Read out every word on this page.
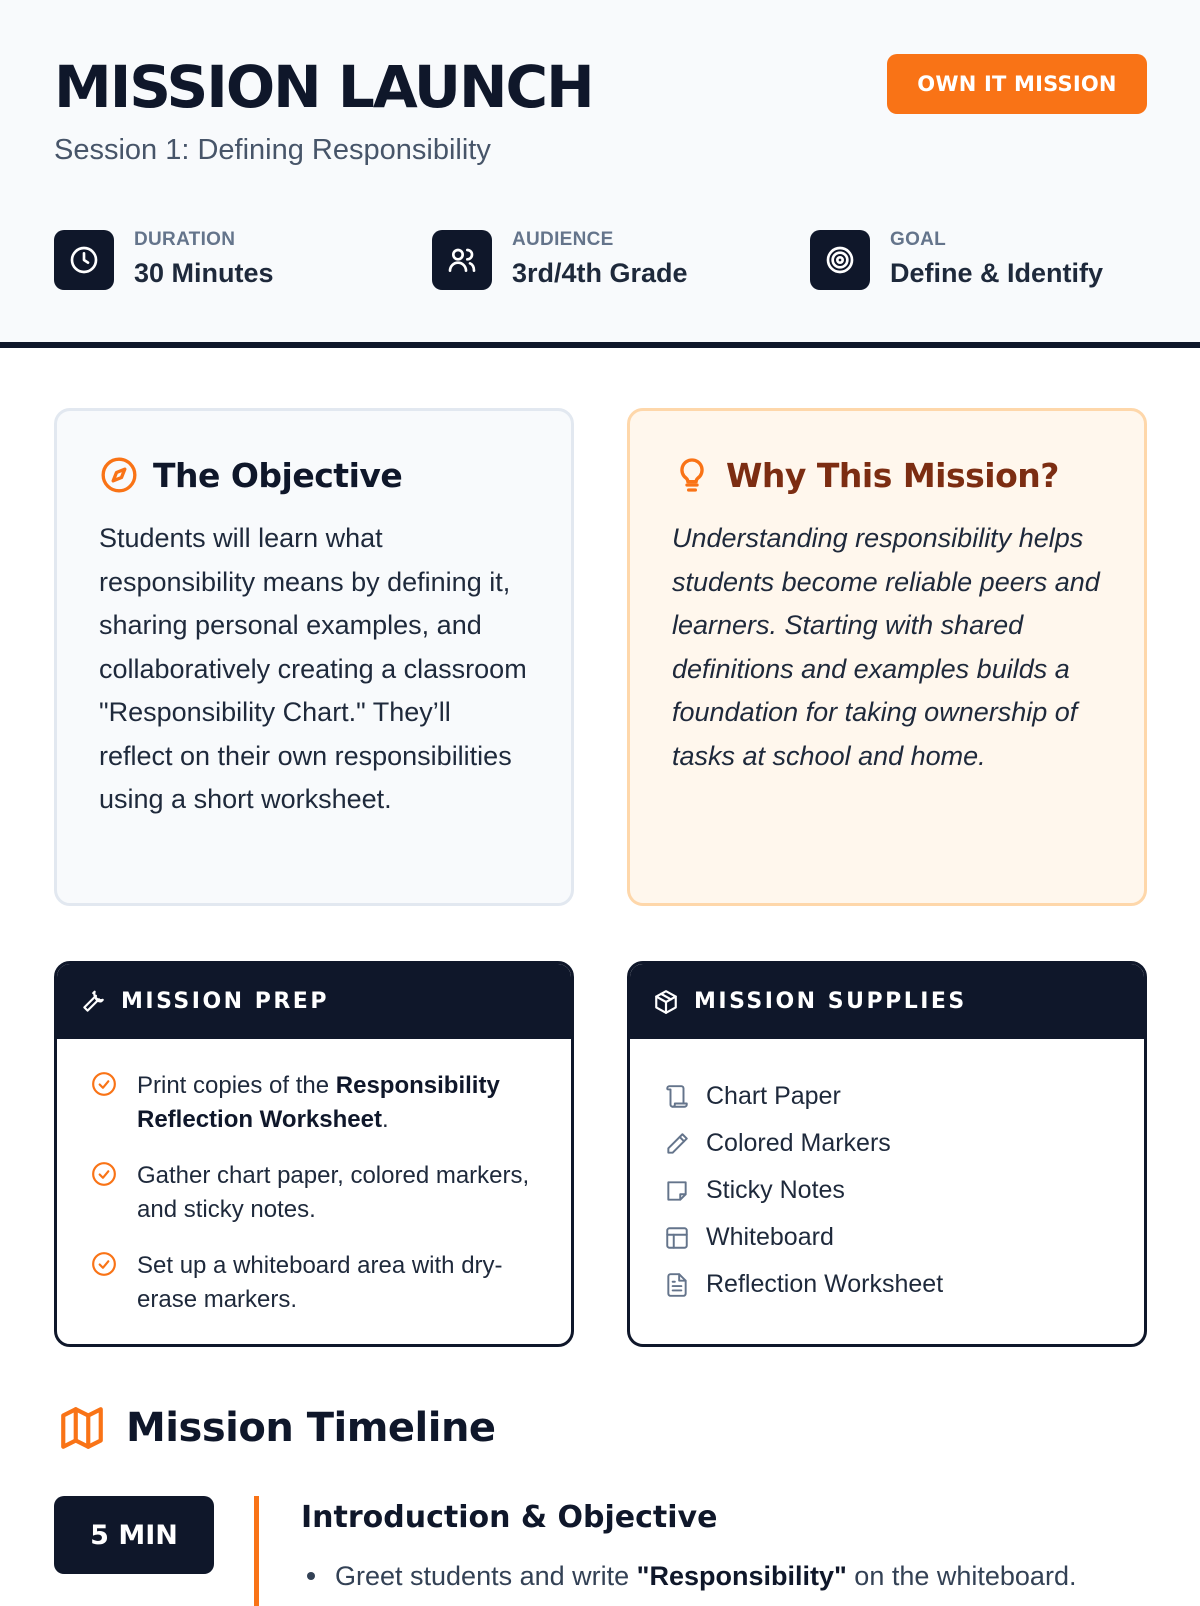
MISSION LAUNCH
Session 1: Defining Responsibility
OWN IT MISSION
DURATION
30 Minutes
AUDIENCE
3rd/4th Grade
GOAL
Define & Identify
The Objective
Students will learn what responsibility means by defining it, sharing personal examples, and collaboratively creating a classroom "Responsibility Chart." They’ll reflect on their own responsibilities using a short worksheet.
Why This Mission?
Understanding responsibility helps students become reliable peers and learners. Starting with shared definitions and examples builds a foundation for taking ownership of tasks at school and home.
MISSION PREP
Print copies of the Responsibility Reflection Worksheet.
Gather chart paper, colored markers, and sticky notes.
Set up a whiteboard area with dry-erase markers.
MISSION SUPPLIES
Chart Paper
Colored Markers
Sticky Notes
Whiteboard
Reflection Worksheet
Mission Timeline
5 MIN	Introduction & Objective
Greet students and write "Responsibility" on the whiteboard.
